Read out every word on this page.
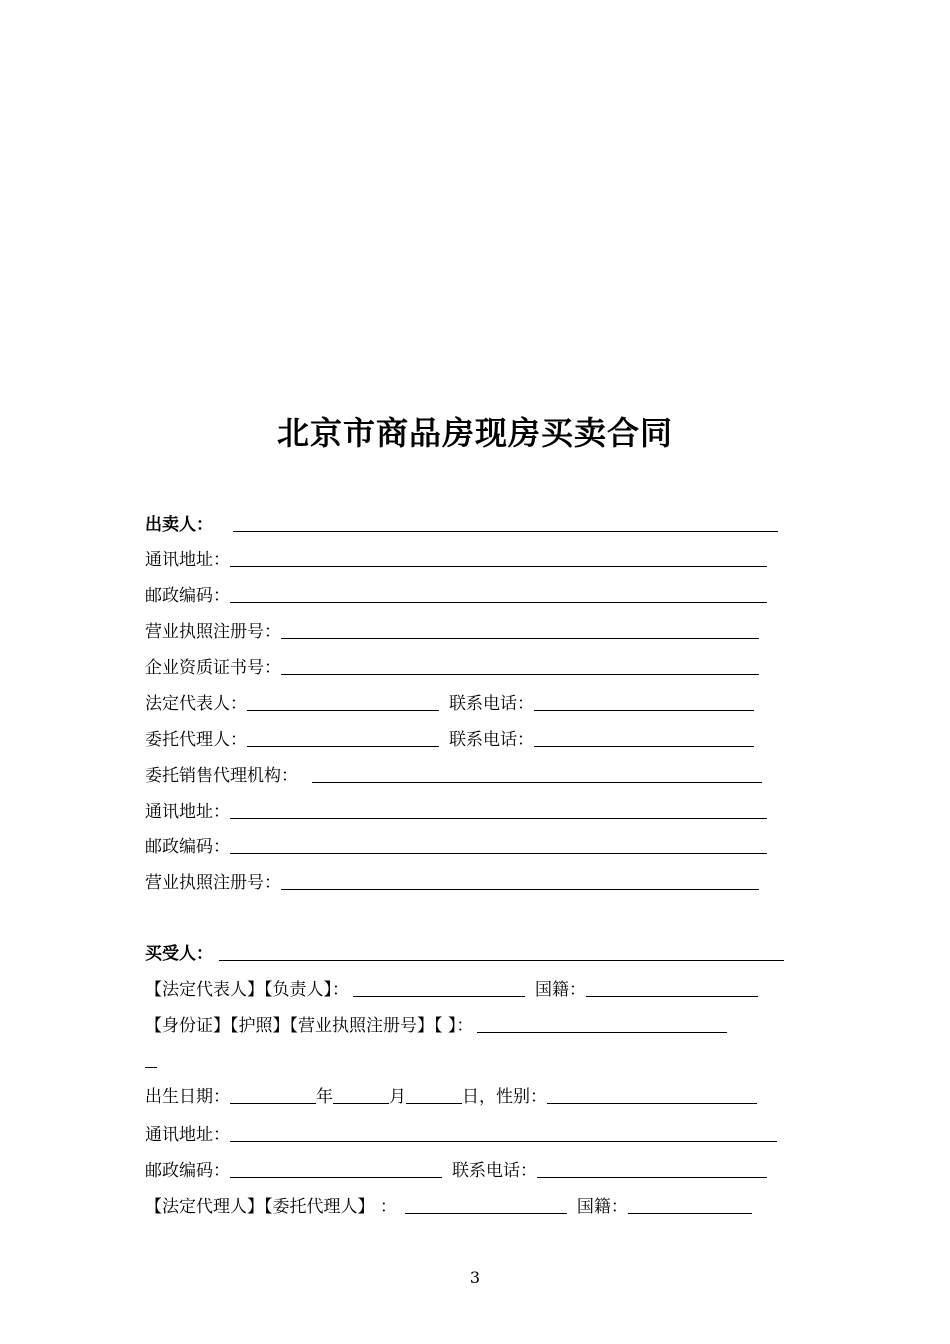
北京市商品房现房买卖合同
出卖人：
通讯地址：
邮政编码：
营业执照注册号：
企业资质证书号：
法定代表人：	联系电话：
委托代理人：	联系电话：
委托销售代理机构：
通讯地址：
邮政编码：
营业执照注册号：
买受人：
【法定代表人】【负责人】：	国籍：
【身份证】【护照】【营业执照注册号】【 】：
出生日期：	年	月	日，性别：
通讯地址：
邮政编码：	联系电话：
【法定代理人】【委托代理人】 ：	国籍：
3
